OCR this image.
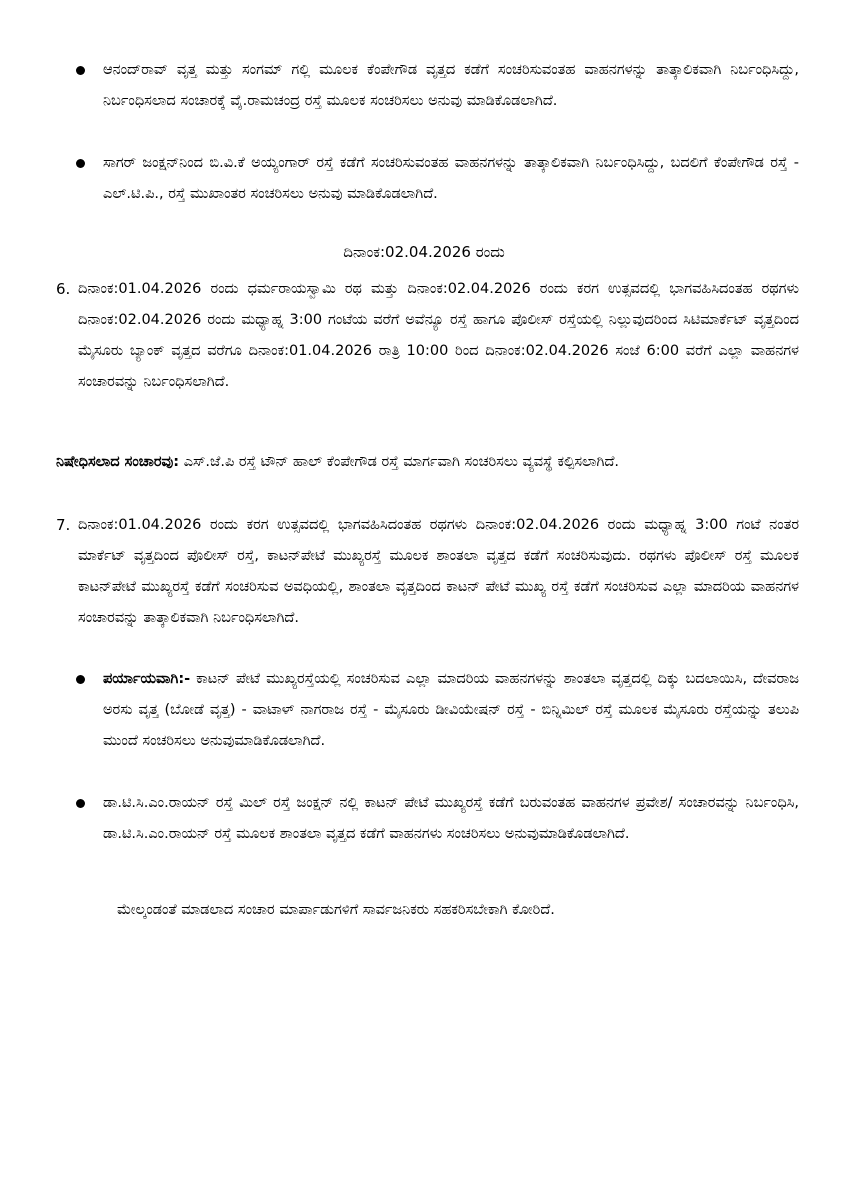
ಆನಂದ್‌ರಾವ್ ವೃತ್ತ ಮತ್ತು ಸಂಗಮ್ ಗಲ್ಲಿ ಮೂಲಕ ಕೆಂಪೇಗೌಡ ವೃತ್ತದ ಕಡೆಗೆ ಸಂಚರಿಸುವಂತಹ ವಾಹನಗಳನ್ನು ತಾತ್ಕಾಲಿಕವಾಗಿ ನಿರ್ಬಂಧಿಸಿದ್ದು, ನಿರ್ಬಂಧಿಸಲಾದ ಸಂಚಾರಕ್ಕೆ ವೈ.ರಾಮಚಂದ್ರ ರಸ್ತೆ ಮೂಲಕ ಸಂಚರಿಸಲು ಅನುವು ಮಾಡಿಕೊಡಲಾಗಿದೆ.

ಸಾಗರ್ ಜಂಕ್ಷನ್‌ನಿಂದ ಬಿ.ವಿ.ಕೆ ಅಯ್ಯಂಗಾರ್ ರಸ್ತೆ ಕಡೆಗೆ ಸಂಚರಿಸುವಂತಹ ವಾಹನಗಳನ್ನು ತಾತ್ಕಾಲಿಕವಾಗಿ ನಿರ್ಬಂಧಿಸಿದ್ದು, ಬದಲಿಗೆ ಕೆಂಪೇಗೌಡ ರಸ್ತೆ - ಎಲ್.ಟಿ.ಪಿ., ರಸ್ತೆ ಮುಖಾಂತರ ಸಂಚರಿಸಲು ಅನುವು ಮಾಡಿಕೊಡಲಾಗಿದೆ.

ದಿನಾಂಕ:02.04.2026 ರಂದು
6. ದಿನಾಂಕ:01.04.2026 ರಂದು ಧರ್ಮರಾಯಸ್ವಾಮಿ ರಥ ಮತ್ತು ದಿನಾಂಕ:02.04.2026 ರಂದು ಕರಗ ಉತ್ಸವದಲ್ಲಿ ಭಾಗವಹಿಸಿದಂತಹ ರಥಗಳು ದಿನಾಂಕ:02.04.2026 ರಂದು ಮಧ್ಯಾಹ್ನ 3:00 ಗಂಟೆಯ ವರೆಗೆ ಅವೆನ್ಯೂ ರಸ್ತೆ ಹಾಗೂ ಪೊಲೀಸ್ ರಸ್ತೆಯಲ್ಲಿ ನಿಲ್ಲುವುದರಿಂದ ಸಿಟಿಮಾರ್ಕೆಟ್ ವೃತ್ತದಿಂದ ಮೈಸೂರು ಬ್ಯಾಂಕ್ ವೃತ್ತದ ವರೆಗೂ ದಿನಾಂಕ:01.04.2026 ರಾತ್ರಿ 10:00 ರಿಂದ ದಿನಾಂಕ:02.04.2026 ಸಂಜೆ 6:00 ವರೆಗೆ ಎಲ್ಲಾ ವಾಹನಗಳ ಸಂಚಾರವನ್ನು ನಿರ್ಬಂಧಿಸಲಾಗಿದೆ.

ನಿಷೇಧಿಸಲಾದ ಸಂಚಾರವು: ಎಸ್.ಜೆ.ಪಿ ರಸ್ತೆ ಟೌನ್ ಹಾಲ್ ಕೆಂಪೇಗೌಡ ರಸ್ತೆ ಮಾರ್ಗವಾಗಿ ಸಂಚರಿಸಲು ವ್ಯವಸ್ಥೆ ಕಲ್ಪಿಸಲಾಗಿದೆ.
7. ದಿನಾಂಕ:01.04.2026 ರಂದು ಕರಗ ಉತ್ಸವದಲ್ಲಿ ಭಾಗವಹಿಸಿದಂತಹ ರಥಗಳು ದಿನಾಂಕ:02.04.2026 ರಂದು ಮಧ್ಯಾಹ್ನ 3:00 ಗಂಟೆ ನಂತರ ಮಾರ್ಕೆಟ್ ವೃತ್ತದಿಂದ ಪೊಲೀಸ್ ರಸ್ತೆ, ಕಾಟನ್‌ಪೇಟೆ ಮುಖ್ಯರಸ್ತೆ ಮೂಲಕ ಶಾಂತಲಾ ವೃತ್ತದ ಕಡೆಗೆ ಸಂಚರಿಸುವುದು. ರಥಗಳು ಪೊಲೀಸ್ ರಸ್ತೆ ಮೂಲಕ ಕಾಟನ್‌ಪೇಟೆ ಮುಖ್ಯರಸ್ತೆ ಕಡೆಗೆ ಸಂಚರಿಸುವ ಅವಧಿಯಲ್ಲಿ, ಶಾಂತಲಾ ವೃತ್ತದಿಂದ ಕಾಟನ್ ಪೇಟೆ ಮುಖ್ಯ ರಸ್ತೆ ಕಡೆಗೆ ಸಂಚರಿಸುವ ಎಲ್ಲಾ ಮಾದರಿಯ ವಾಹನಗಳ ಸಂಚಾರವನ್ನು ತಾತ್ಕಾಲಿಕವಾಗಿ ನಿರ್ಬಂಧಿಸಲಾಗಿದೆ.

ಪರ್ಯಾಯವಾಗಿ:- ಕಾಟನ್ ಪೇಟೆ ಮುಖ್ಯರಸ್ತೆಯಲ್ಲಿ ಸಂಚರಿಸುವ ಎಲ್ಲಾ ಮಾದರಿಯ ವಾಹನಗಳನ್ನು ಶಾಂತಲಾ ವೃತ್ತದಲ್ಲಿ ದಿಕ್ಕು ಬದಲಾಯಿಸಿ, ದೇವರಾಜ ಅರಸು ವೃತ್ತ (ಬೋಡೆ ವೃತ್ತ) - ವಾಟಾಳ್ ನಾಗರಾಜ ರಸ್ತೆ - ಮೈಸೂರು ಡೀವಿಯೇಷನ್ ರಸ್ತೆ - ಬಿನ್ನಿಮಿಲ್ ರಸ್ತೆ ಮೂಲಕ ಮೈಸೂರು ರಸ್ತೆಯನ್ನು ತಲುಪಿ ಮುಂದೆ ಸಂಚರಿಸಲು ಅನುವುಮಾಡಿಕೊಡಲಾಗಿದೆ.

ಡಾ.ಟಿ.ಸಿ.ಎಂ.ರಾಯನ್ ರಸ್ತೆ ಮಿಲ್ ರಸ್ತೆ ಜಂಕ್ಷನ್ ನಲ್ಲಿ ಕಾಟನ್ ಪೇಟೆ ಮುಖ್ಯರಸ್ತೆ ಕಡೆಗೆ ಬರುವಂತಹ ವಾಹನಗಳ ಪ್ರವೇಶ/ ಸಂಚಾರವನ್ನು ನಿರ್ಬಂಧಿಸಿ, ಡಾ.ಟಿ.ಸಿ.ಎಂ.ರಾಯನ್ ರಸ್ತೆ ಮೂಲಕ ಶಾಂತಲಾ ವೃತ್ತದ ಕಡೆಗೆ ವಾಹನಗಳು ಸಂಚರಿಸಲು ಅನುವುಮಾಡಿಕೊಡಲಾಗಿದೆ.

ಮೇಲ್ಕಂಡಂತೆ ಮಾಡಲಾದ ಸಂಚಾರ ಮಾರ್ಪಾಡುಗಳಿಗೆ ಸಾರ್ವಜನಿಕರು ಸಹಕರಿಸಬೇಕಾಗಿ ಕೋರಿದೆ.
